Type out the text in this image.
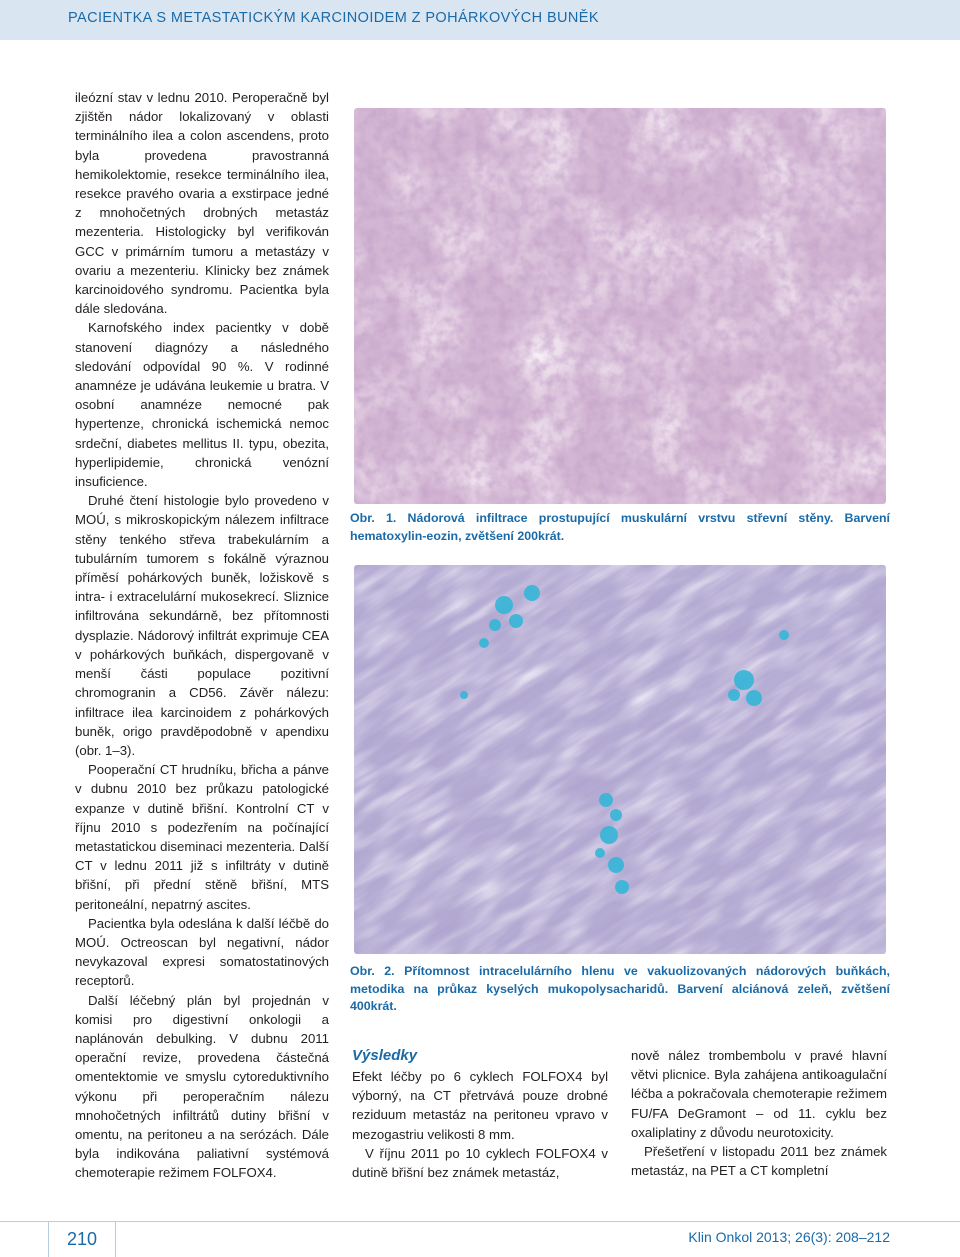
PACIENTKA S METASTATICKÝM KARCINOIDEM Z POHÁRKOVÝCH BUNĚK

ileózní stav v lednu 2010. Peroperačně byl zjištěn nádor lokalizovaný v oblasti terminálního ilea a colon ascendens, proto byla provedena pravostranná hemikolektomie, resekce terminálního ilea, resekce pravého ovaria a exstirpace jedné z mnohočetných drobných metastáz mezenteria. Histologicky byl verifikován GCC v primárním tumoru a metastázy v ovariu a mezenteriu. Klinicky bez známek karcinoidového syndromu. Pacientka byla dále sledována.

Karnofského index pacientky v době stanovení diagnózy a následného sledování odpovídal 90 %. V rodinné anamnéze je udávána leukemie u bratra. V osobní anamnéze nemocné pak hypertenze, chronická ischemická nemoc srdeční, diabetes mellitus II. typu, obezita, hyperlipidemie, chronická venózní insuficience.

Druhé čtení histologie bylo provedeno v MOÚ, s mikroskopickým nálezem infiltrace stěny tenkého střeva trabekulárním a tubulárním tumorem s fokálně výraznou příměsí pohárkových buněk, ložiskově s intra- i extracelulární mukosekrecí. Sliznice infiltrována sekundárně, bez přítomnosti dysplazie. Nádorový infiltrát exprimuje CEA v pohárkových buňkách, dispergovaně v menší části populace pozitivní chromogranin a CD56. Závěr nálezu: infiltrace ilea karcinoidem z pohárkových buněk, origo pravděpodobně v apendixu (obr. 1–3).

Pooperační CT hrudníku, břicha a pánve v dubnu 2010 bez průkazu patologické expanze v dutině břišní. Kontrolní CT v říjnu 2010 s podezřením na počínající metastatickou diseminaci mezenteria. Další CT v lednu 2011 již s infiltráty v dutině břišní, při přední stěně břišní, MTS peritoneální, nepatrný ascites.

Pacientka byla odeslána k další léčbě do MOÚ. Octreoscan byl negativní, nádor nevykazoval expresi somatostatinových receptorů.

Další léčebný plán byl projednán v komisi pro digestivní onkologii a naplánován debulking. V dubnu 2011 operační revize, provedena částečná omentektomie ve smyslu cytoreduktivního výkonu při peroperačním nálezu mnohočetných infiltrátů dutiny břišní v omentu, na peritoneu a na serózách. Dále byla indikována paliativní systémová chemoterapie režimem FOLFOX4.

Obr. 1. Nádorová infiltrace prostupující muskulární vrstvu střevní stěny. Barvení hematoxylin-eozin, zvětšení 200krát.
Obr. 2. Přítomnost intracelulárního hlenu ve vakuolizovaných nádorových buňkách, metodika na průkaz kyselých mukopolysacharidů. Barvení alciánová zeleň, zvětšení 400krát.
Výsledky

Efekt léčby po 6 cyklech FOLFOX4 byl výborný, na CT přetrvává pouze drobné reziduum metastáz na peritoneu vpravo v mezogastriu velikosti 8 mm.

V říjnu 2011 po 10 cyklech FOLFOX4 v dutině břišní bez známek metastáz,

nově nález trombembolu v pravé hlavní větvi plicnice. Byla zahájena antikoagulační léčba a pokračovala chemoterapie režimem FU/FA DeGramont – od 11. cyklu bez oxaliplatiny z důvodu neurotoxicity.

Přešetření v listopadu 2011 bez známek metastáz, na PET a CT kompletní

210	Klin Onkol 2013; 26(3): 208–212
